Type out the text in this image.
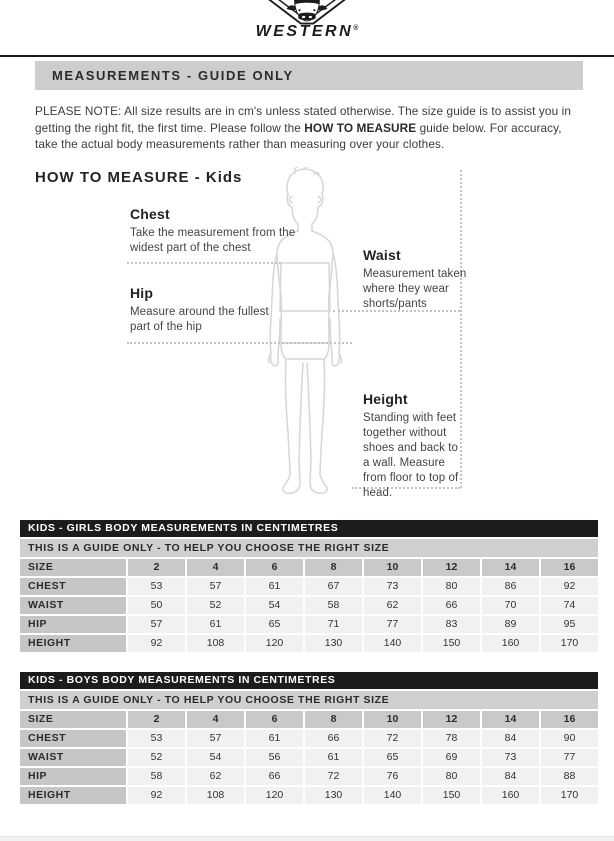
WESTERN®
MEASUREMENTS - GUIDE ONLY
PLEASE NOTE: All size results are in cm's unless stated otherwise. The size guide is to assist you in getting the right fit, the first time. Please follow the HOW TO MEASURE guide below. For accuracy, take the actual body measurements rather than measuring over your clothes.
HOW TO MEASURE - Kids
Chest

Take the measurement from the widest part of the chest	Waist

Measurement taken where they wear shorts/pants

Hip

Measure around the fullest part of the hip

Height

Standing with feet together without shoes and back to a wall. Measure from floor to top of head.

KIDS - GIRLS BODY MEASUREMENTS IN CENTIMETRES
THIS IS A GUIDE ONLY - TO HELP YOU CHOOSE THE RIGHT SIZE
SIZE	2	4	6	8	10	12	14	16
CHEST	53	57	61	67	73	80	86	92
WAIST	50	52	54	58	62	66	70	74
HIP	57	61	65	71	77	83	89	95
HEIGHT	92	108	120	130	140	150	160	170
KIDS - BOYS BODY MEASUREMENTS IN CENTIMETRES
THIS IS A GUIDE ONLY - TO HELP YOU CHOOSE THE RIGHT SIZE
SIZE	2	4	6	8	10	12	14	16
CHEST	53	57	61	66	72	78	84	90
WAIST	52	54	56	61	65	69	73	77
HIP	58	62	66	72	76	80	84	88
HEIGHT	92	108	120	130	140	150	160	170
